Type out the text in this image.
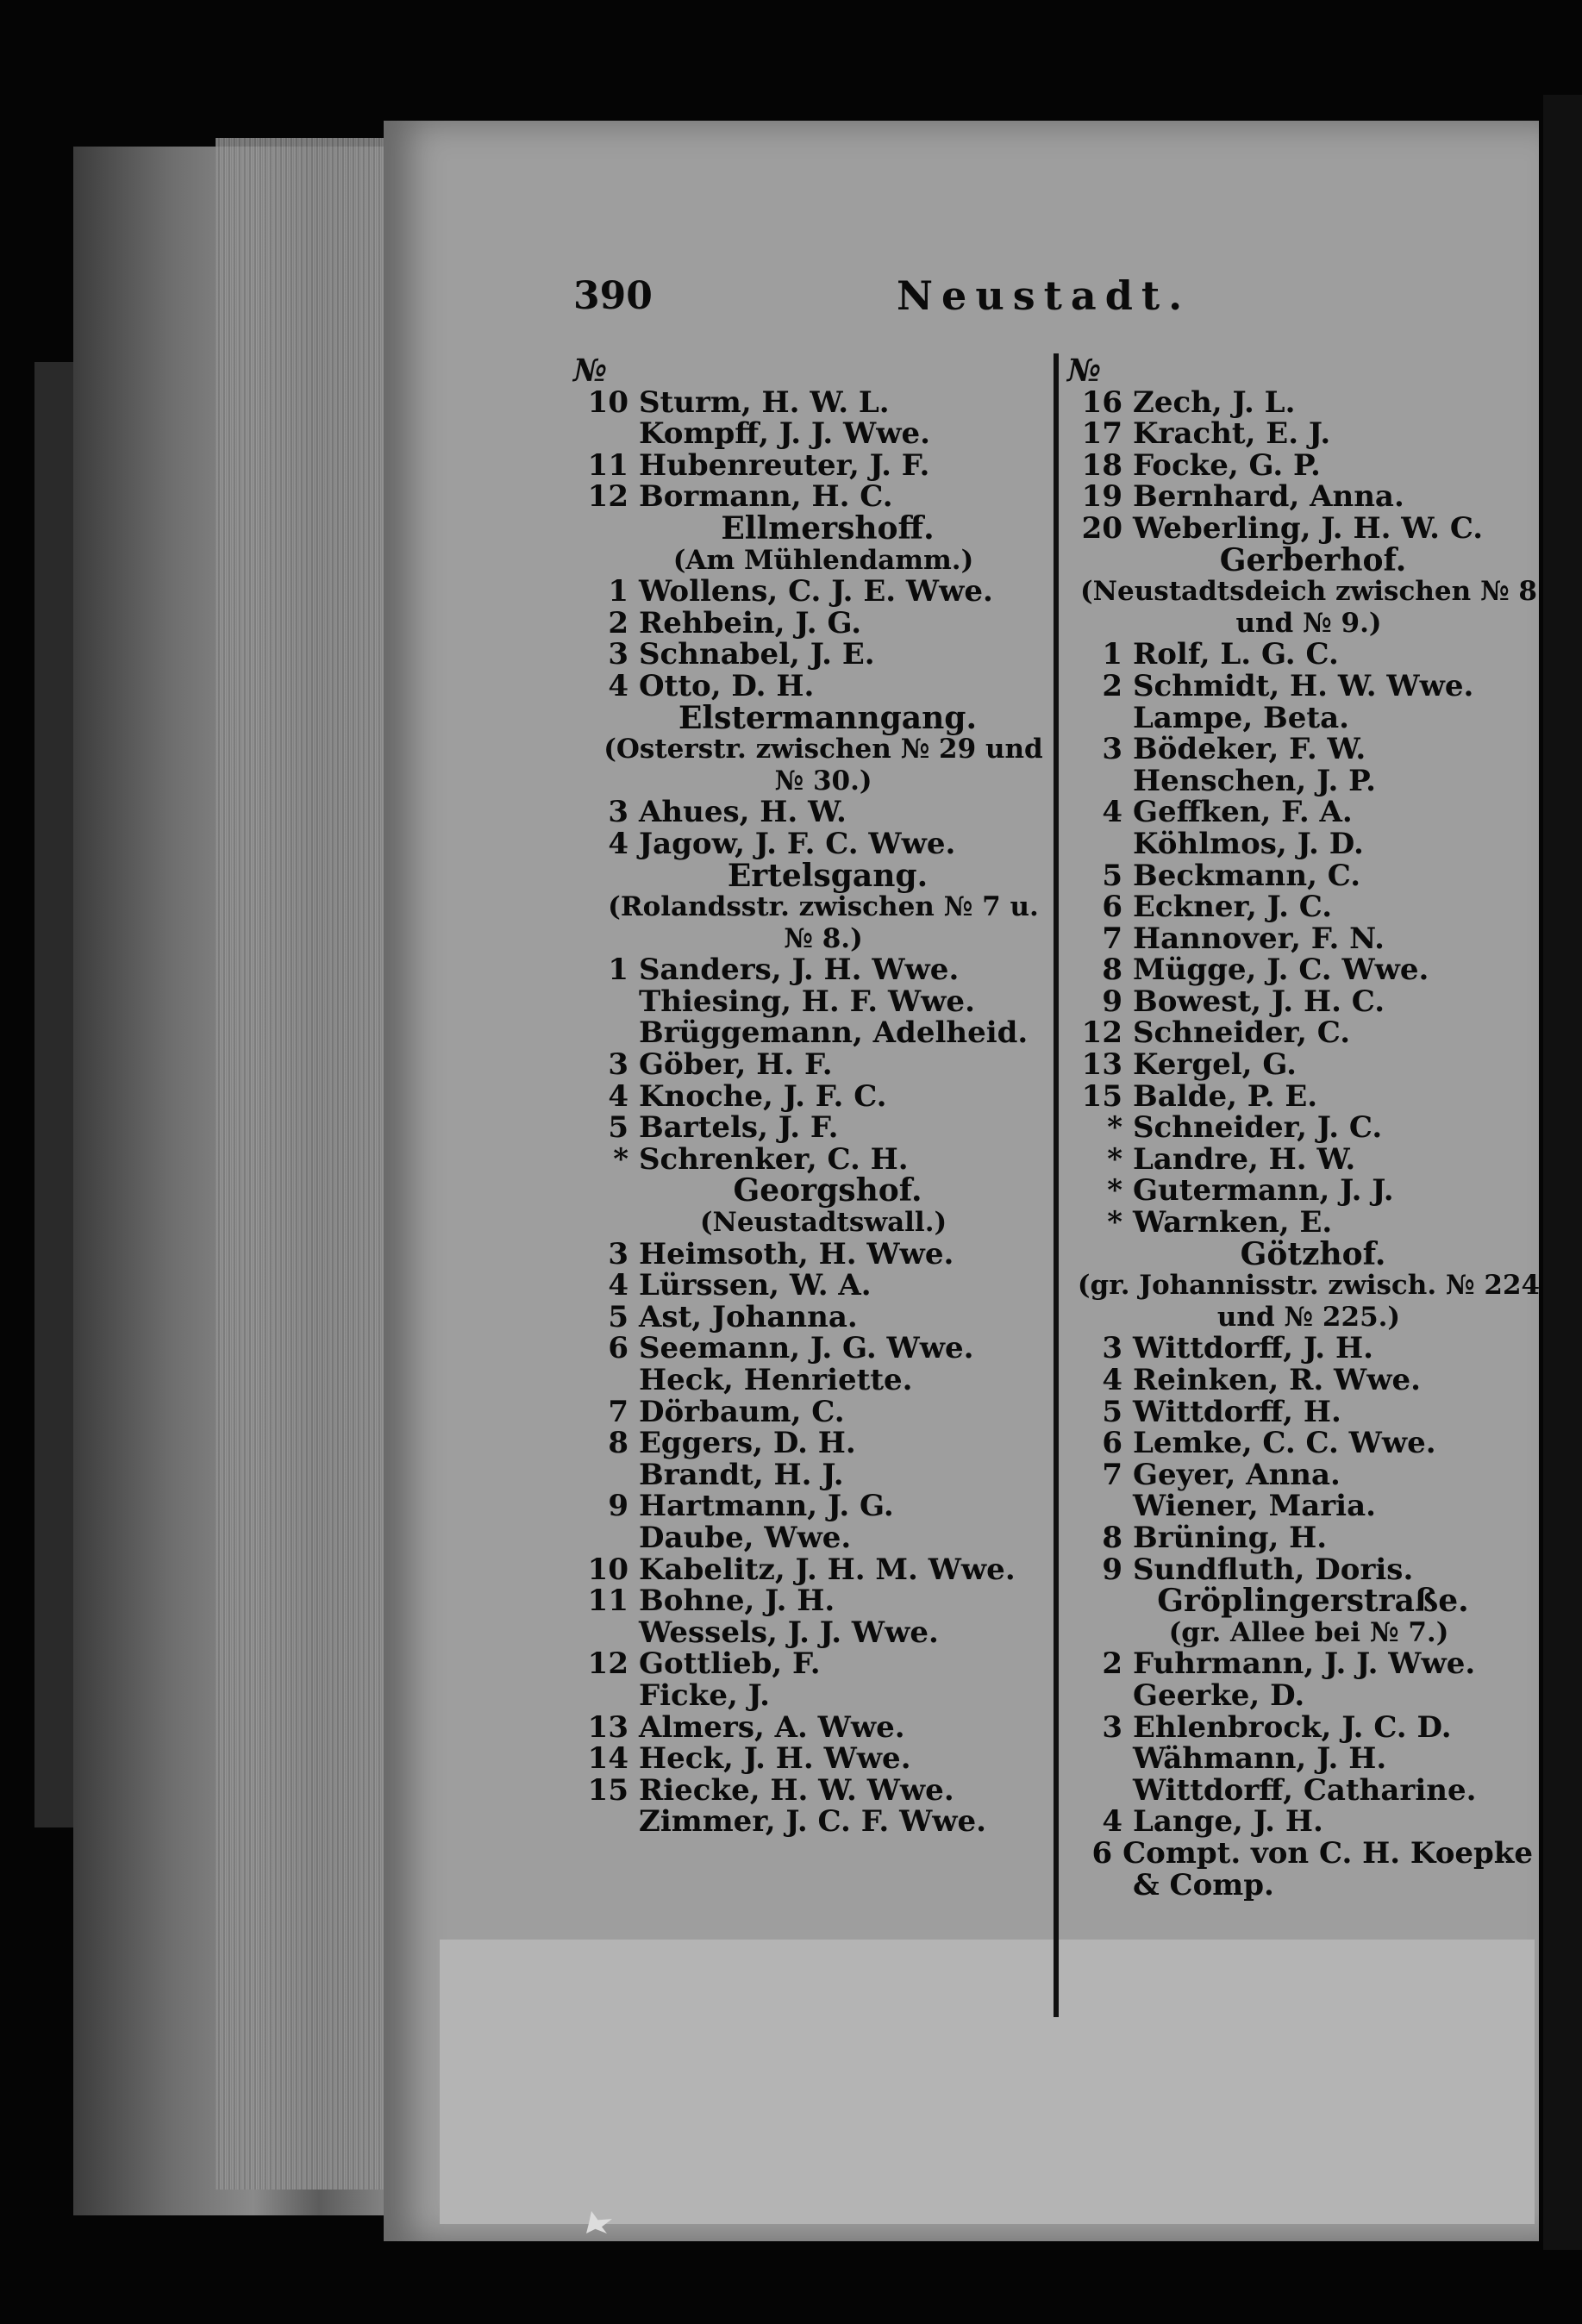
390	Neustadt.
№
10 Sturm, H. W. L.
Kompff, J. J. Wwe.
11 Hubenreuter, J. F.
12 Bormann, H. C.
Ellmershoff.
(Am Mühlendamm.)
1 Wollens, C. J. E. Wwe.
2 Rehbein, J. G.
3 Schnabel, J. E.
4 Otto, D. H.
Elstermanngang.
(Osterstr. zwischen № 29 und
№ 30.)
3 Ahues, H. W.
4 Jagow, J. F. C. Wwe.
Ertelsgang.
(Rolandsstr. zwischen № 7 u.
№ 8.)
1 Sanders, J. H. Wwe.
Thiesing, H. F. Wwe.
Brüggemann, Adelheid.
3 Göber, H. F.
4 Knoche, J. F. C.
5 Bartels, J. F.
* Schrenker, C. H.
Georgshof.
(Neustadtswall.)
3 Heimsoth, H. Wwe.
4 Lürssen, W. A.
5 Ast, Johanna.
6 Seemann, J. G. Wwe.
Heck, Henriette.
7 Dörbaum, C.
8 Eggers, D. H.
Brandt, H. J.
9 Hartmann, J. G.
Daube, Wwe.
10 Kabelitz, J. H. M. Wwe.
11 Bohne, J. H.
Wessels, J. J. Wwe.
12 Gottlieb, F.
Ficke, J.
13 Almers, A. Wwe.
14 Heck, J. H. Wwe.
15 Riecke, H. W. Wwe.
Zimmer, J. C. F. Wwe.
№
16 Zech, J. L.
17 Kracht, E. J.
18 Focke, G. P.
19 Bernhard, Anna.
20 Weberling, J. H. W. C.
Gerberhof.
(Neustadtsdeich zwischen № 8
und № 9.)
1 Rolf, L. G. C.
2 Schmidt, H. W. Wwe.
Lampe, Beta.
3 Bödeker, F. W.
Henschen, J. P.
4 Geffken, F. A.
Köhlmos, J. D.
5 Beckmann, C.
6 Eckner, J. C.
7 Hannover, F. N.
8 Mügge, J. C. Wwe.
9 Bowest, J. H. C.
12 Schneider, C.
13 Kergel, G.
15 Balde, P. E.
* Schneider, J. C.
* Landre, H. W.
* Gutermann, J. J.
* Warnken, E.
Götzhof.
(gr. Johannisstr. zwisch. № 224
und № 225.)
3 Wittdorff, J. H.
4 Reinken, R. Wwe.
5 Wittdorff, H.
6 Lemke, C. C. Wwe.
7 Geyer, Anna.
Wiener, Maria.
8 Brüning, H.
9 Sundfluth, Doris.
Gröplingerstraße.
(gr. Allee bei № 7.)
2 Fuhrmann, J. J. Wwe.
Geerke, D.
3 Ehlenbrock, J. C. D.
Wähmann, J. H.
Wittdorff, Catharine.
4 Lange, J. H.
6 Compt. von C. H. Koepke
& Comp.
